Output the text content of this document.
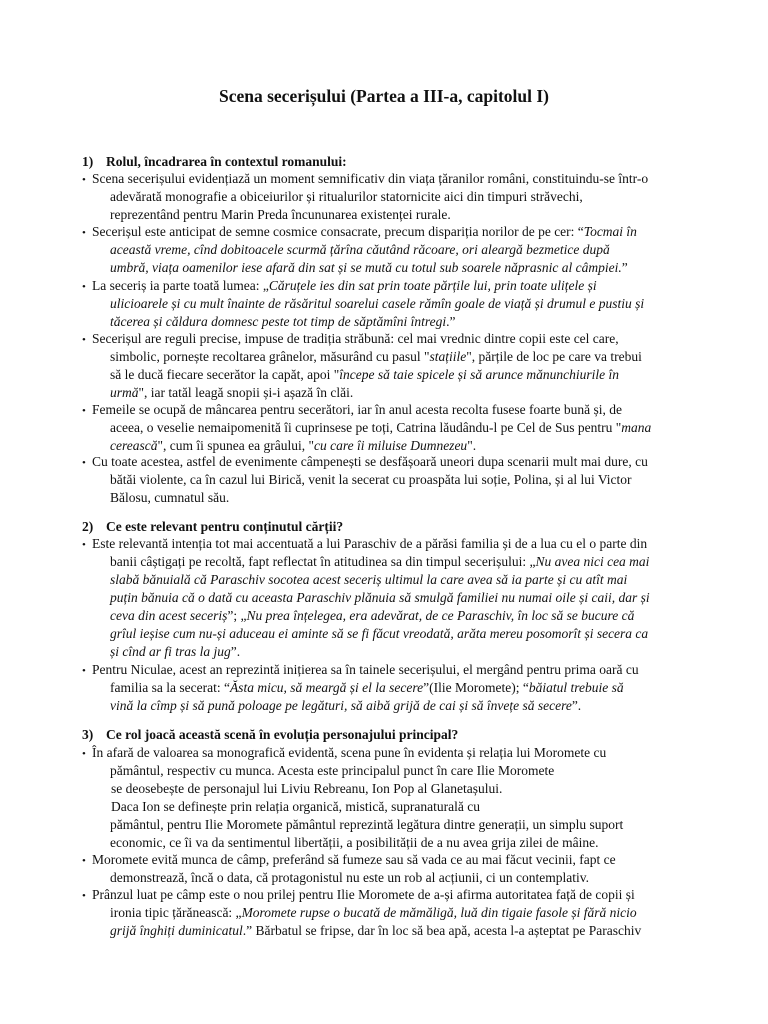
Scena secerișului (Partea a III-a, capitolul I)
1) Rolul, încadrarea în contextul romanului:
• Scena secerișului evidențiază un moment semnificativ din viața țăranilor români, constituindu-se într-o
adevărată monografie a obiceiurilor și ritualurilor statornicite aici din timpuri străvechi,
reprezentând pentru Marin Preda încununarea existenței rurale.
• Secerișul este anticipat de semne cosmice consacrate, precum dispariția norilor de pe cer: “Tocmai în
această vreme, cînd dobitoacele scurmă țărîna căutând răcoare, ori aleargă bezmetice după
umbră, viața oamenilor iese afară din sat și se mută cu totul sub soarele năprasnic al câmpiei.”
• La seceriș ia parte toată lumea: „Căruțele ies din sat prin toate părțile lui, prin toate ulițele și
ulicioarele și cu mult înainte de răsăritul soarelui casele rămîn goale de viață și drumul e pustiu și
tăcerea și căldura domnesc peste tot timp de săptămîni întregi.”
• Secerișul are reguli precise, impuse de tradiția străbună: cel mai vrednic dintre copii este cel care,
simbolic, pornește recoltarea grânelor, măsurând cu pasul "stațiile", părțile de loc pe care va trebui
să le ducă fiecare secerător la capăt, apoi "începe să taie spicele și să arunce mănunchiurile în
urmă", iar tatăl leagă snopii și-i așază în clăi.
• Femeile se ocupă de mâncarea pentru secerători, iar în anul acesta recolta fusese foarte bună și, de
aceea, o veselie nemaipomenită îi cuprinsese pe toți, Catrina lăudându-l pe Cel de Sus pentru "mana
cerească", cum îi spunea ea grâului, "cu care îi miluise Dumnezeu".
• Cu toate acestea, astfel de evenimente câmpenești se desfășoară uneori dupa scenarii mult mai dure, cu
bătăi violente, ca în cazul lui Birică, venit la secerat cu proaspăta lui soție, Polina, și al lui Victor
Bălosu, cumnatul său.
2) Ce este relevant pentru conținutul cărții?
• Este relevantă intenția tot mai accentuată a lui Paraschiv de a părăsi familia și de a lua cu el o parte din
banii câștigați pe recoltă, fapt reflectat în atitudinea sa din timpul secerișului: „Nu avea nici cea mai
slabă bănuială că Paraschiv socotea acest seceriș ultimul la care avea să ia parte și cu atît mai
puțin bănuia că o dată cu aceasta Paraschiv plănuia să smulgă familiei nu numai oile și caii, dar și
ceva din acest seceriș”; „Nu prea înțelegea, era adevărat, de ce Paraschiv, în loc să se bucure că
grîul ieșise cum nu-și aduceau ei aminte să se fi făcut vreodată, arăta mereu posomorît și secera ca
și cînd ar fi tras la jug”.
• Pentru Niculae, acest an reprezintă inițierea sa în tainele secerișului, el mergând pentru prima oară cu
familia sa la secerat: “Ăsta micu, să meargă și el la secere”(Ilie Moromete); “băiatul trebuie să
vină la cîmp și să pună poloage pe legături, să aibă grijă de cai și să învețe să secere”.
3) Ce rol joacă această scenă în evoluția personajului principal?
• În afară de valoarea sa monografică evidentă, scena pune în evidenta și relația lui Moromete cu
pământul, respectiv cu munca. Acesta este principalul punct în care Ilie Moromete
se deosebește de personajul lui Liviu Rebreanu, Ion Pop al Glanetașului.
Daca Ion se definește prin relația organică, mistică, supranaturală cu
pământul, pentru Ilie Moromete pământul reprezintă legătura dintre generații, un simplu suport
economic, ce îi va da sentimentul libertății, a posibilității de a nu avea grija zilei de mâine.
• Moromete evită munca de câmp, preferând să fumeze sau să vada ce au mai făcut vecinii, fapt ce
demonstrează, încă o data, că protagonistul nu este un rob al acțiunii, ci un contemplativ.
• Prânzul luat pe câmp este o nou prilej pentru Ilie Moromete de a-și afirma autoritatea față de copii și
ironia tipic țărănească: „Moromete rupse o bucată de mămăligă, luă din tigaie fasole și fără nicio
grijă înghiți duminicatul.” Bărbatul se fripse, dar în loc să bea apă, acesta l-a așteptat pe Paraschiv
